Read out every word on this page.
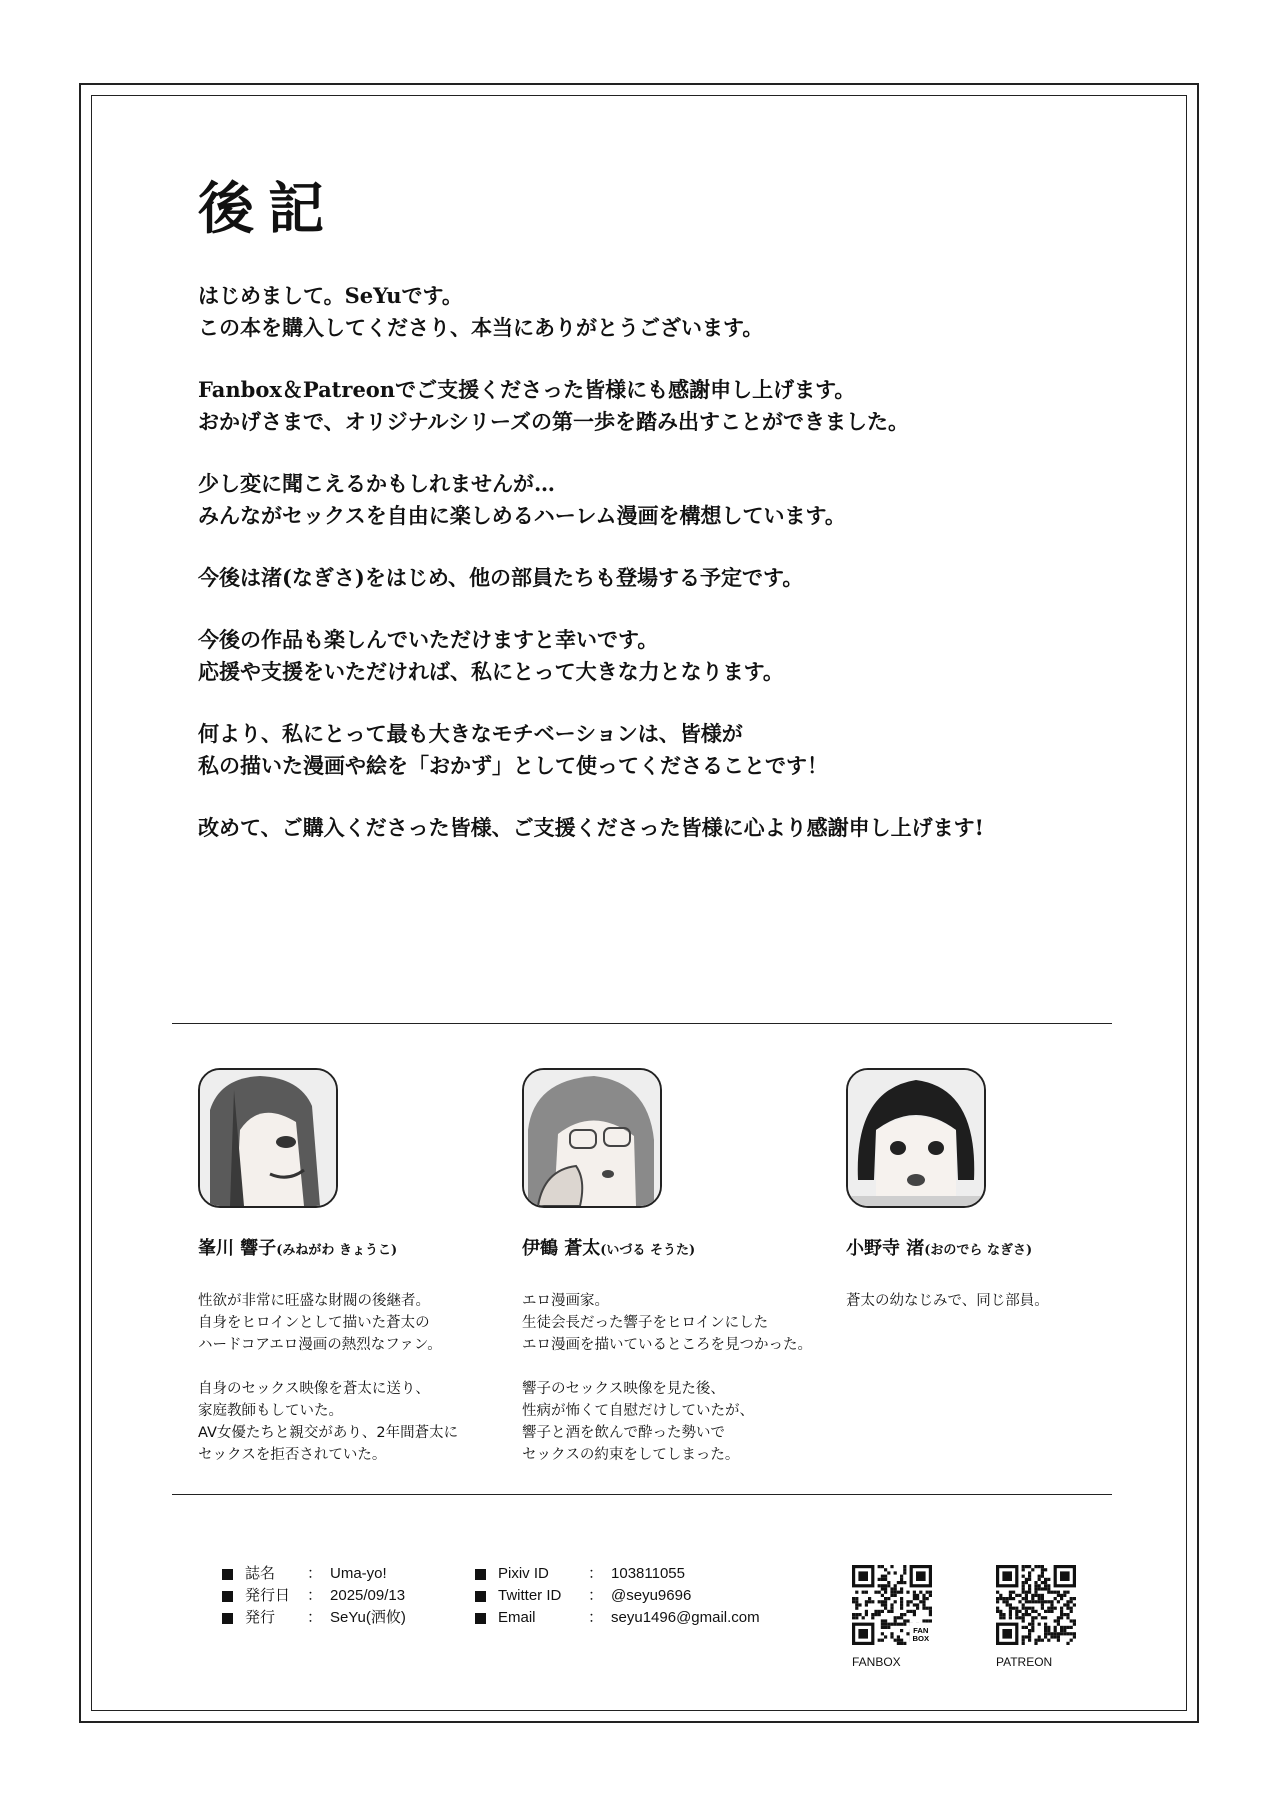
後記

はじめまして。SeYuです。

この本を購入してくださり、本当にありがとうございます。

Fanbox＆Patreonでご支援くださった皆様にも感謝申し上げます。

おかげさまで、オリジナルシリーズの第一歩を踏み出すことができました。

少し変に聞こえるかもしれませんが…

みんながセックスを自由に楽しめるハーレム漫画を構想しています。

今後は渚(なぎさ)をはじめ、他の部員たちも登場する予定です。

今後の作品も楽しんでいただけますと幸いです。

応援や支援をいただければ、私にとって大きな力となります。

何より、私にとって最も大きなモチベーションは、皆様が

私の描いた漫画や絵を「おかず」として使ってくださることです！

改めて、ご購入くださった皆様、ご支援くださった皆様に心より感謝申し上げます!

峯川 響子(みねがわ きょうこ)

性欲が非常に旺盛な財閥の後継者。
自身をヒロインとして描いた蒼太の
ハードコアエロ漫画の熱烈なファン。

自身のセックス映像を蒼太に送り、
家庭教師もしていた。
AV女優たちと親交があり、2年間蒼太に
セックスを拒否されていた。

伊鶴 蒼太(いづる そうた)

エロ漫画家。
生徒会長だった響子をヒロインにした
エロ漫画を描いているところを見つかった。

響子のセックス映像を見た後、
性病が怖くて自慰だけしていたが、
響子と酒を飲んで酔った勢いで
セックスの約束をしてしまった。

小野寺 渚(おのでら なぎさ)

蒼太の幼なじみで、同じ部員。

誌名	： Uma-yo!
発行日	： 2025/09/13
発行	： SeYu(洒攸)
Pixiv ID	： 103811055
Twitter ID	： @seyu9696
Email	： seyu1496@gmail.com
FAN
BOX
FANBOX	PATREON
